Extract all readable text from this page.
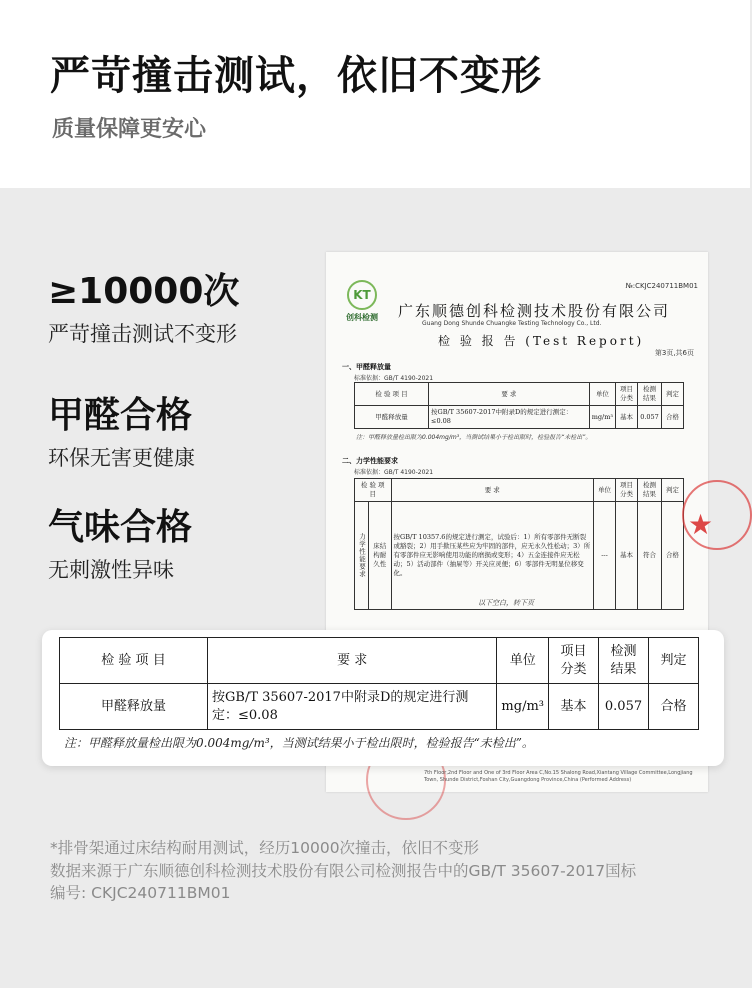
严苛撞击测试，依旧不变形
质量保障更安心
≥10000次
严苛撞击测试不变形
甲醛合格
环保无害更健康
气味合格
无刺激性异味
№:CKJC240711BM01
KT
创科检测	广东顺德创科检测技术股份有限公司
Guang Dong Shunde Chuangke Testing Technology Co., Ltd.
检 验 报 告 (Test Report)
第3页,共6页
一、甲醛释放量
标准依据：GB/T 4190-2021
检 验 项 目	要 求	单位	项目分类	检测结果	判定
甲醛释放量	按GB/T 35607-2017中附录D的规定进行测定：≤0.08	mg/m³	基本	0.057	合格
注：甲醛释放量检出限为0.004mg/m³，当测试结果小于检出限时，检验报告“未检出”。
二、力学性能要求
标准依据：GB/T 4190-2021
检 验 项 目		要 求	单位	项目分类	检测结果	判定
力学性能要求	床结构耐久性	按GB/T 10357.6的规定进行测定，试验后：1）所有零部件无断裂或豁裂；2）用手揿压某些应为牢固的部件，应无永久性松动；3）所有零部件应无影响使用功能的磨损或变形；4）五金连接件应无松动；5）活动部件（抽屉等）开关应灵便；6）零部件无明显位移变化。	---	基本	符合	合格
以下空白，转下页
★
7th Floor,2nd Floor and One of 3rd Floor Area C,No.15 Shalong Road,Xiantang Village Committee,Longjiang Town, Shunde District,Foshan City,Guangdong Province,China (Performed Address)
检 验 项 目	要 求	单位	项目分类	检测结果	判定
甲醛释放量	按GB/T 35607-2017中附录D的规定进行测定：≤0.08	mg/m³	基本	0.057	合格
注：甲醛释放量检出限为0.004mg/m³，当测试结果小于检出限时，检验报告“未检出”。
*排骨架通过床结构耐用测试，经历10000次撞击，依旧不变形
数据来源于广东顺德创科检测技术股份有限公司检测报告中的GB/T 35607-2017国标
编号: CKJC240711BM01
